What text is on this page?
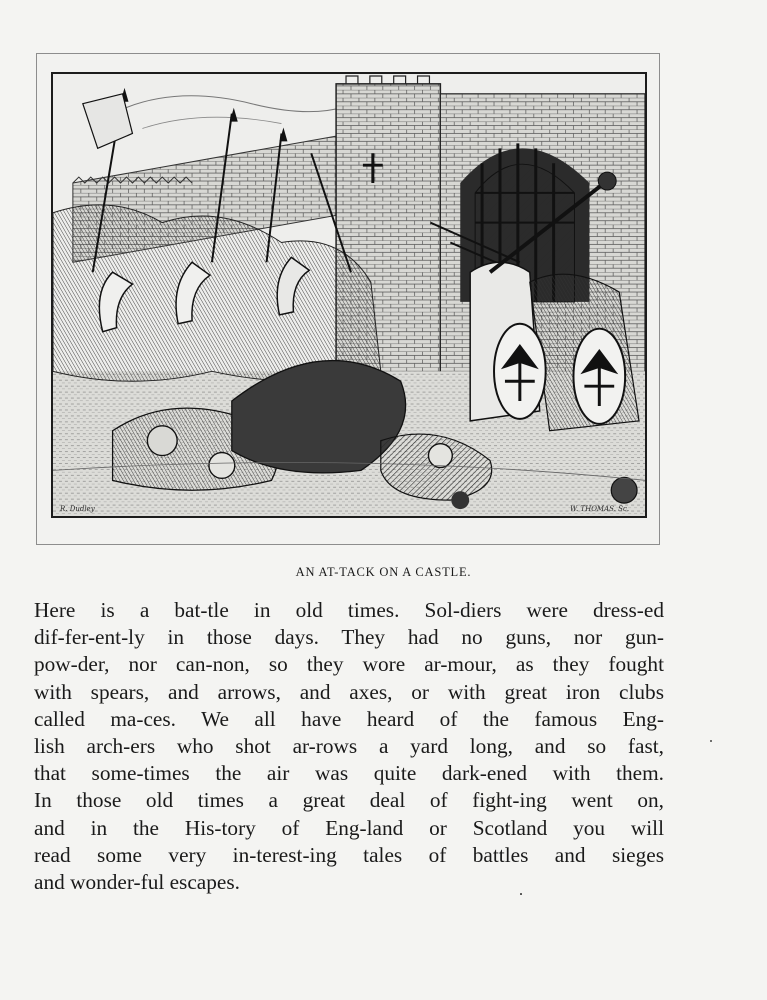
R. Dudley	W. THOMAS. Sc.
AN AT-TACK ON A CASTLE.
Here is a bat-tle in old times. Sol-diers were dress-ed
dif-fer-ent-ly in those days. They had no guns, nor gun-
pow-der, nor can-non, so they wore ar-mour, as they fought
with spears, and arrows, and axes, or with great iron clubs
called ma-ces. We all have heard of the famous Eng-
lish arch-ers who shot ar-rows a yard long, and so fast,
that some-times the air was quite dark-ened with them.
In those old times a great deal of fight-ing went on,
and in the His-tory of Eng-land or Scotland you will
read some very in-terest-ing tales of battles and sieges
and wonder-ful escapes.
